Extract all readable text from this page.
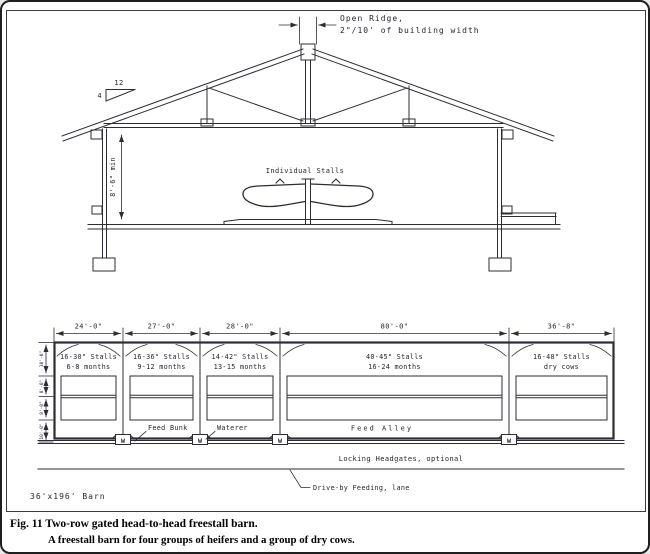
Open Ridge,
2"/10' of building width
12
4
8'-6" min	Individual Stalls
24'-0"	27'-0"	28'-0"	80'-0"	36'-8"
16-30" Stalls
6-8 months
16-36" Stalls
9-12 months
14-42" Stalls
13-15 months
40-45" Stalls
16-24 months
16-48" Stalls
dry cows
10'-0"
8'-0"
8'-0"
10'-0"
W	W	W	W
Feed Bunk	Waterer	Feed Alley
Locking Headgates, optional
Drive-by Feeding, lane
36'x196' Barn
Fig. 11 Two-row gated head-to-head freestall barn.
A freestall barn for four groups of heifers and a group of dry cows.
